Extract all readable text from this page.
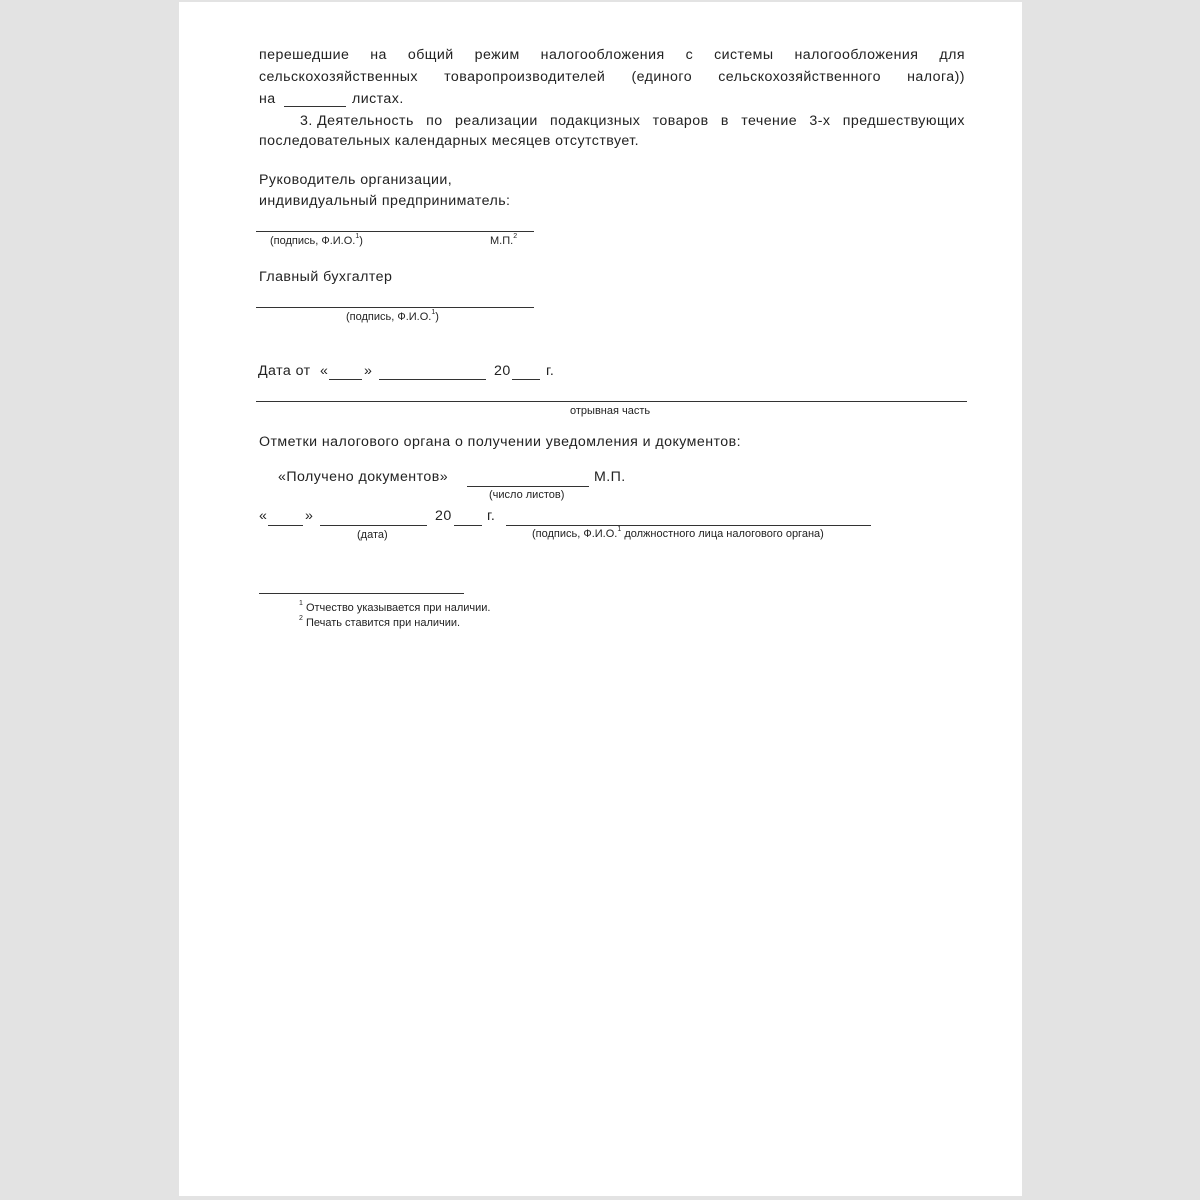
перешедшие на общий режим налогообложения с системы налогообложения для
сельскохозяйственных товаропроизводителей (единого сельскохозяйственного налога))
на	листах.
3. Деятельность по реализации подакцизных товаров в течение 3-х предшествующих
последовательных календарных месяцев отсутствует.
Руководитель организации,
индивидуальный предприниматель:
(подпись, Ф.И.О.$^1$)	М.П.$^2$
Главный бухгалтер
(подпись, Ф.И.О.$^1$)
Дата от «	»	20 г.
отрывная часть
Отметки налогового органа о получении уведомления и документов:
«Получено документов»	М.П.
(число листов)
«	»	20 г.
(дата)	(подпись, Ф.И.О.$^1$ должностного лица налогового органа)
$^1$ Отчество указывается при наличии.
$^2$ Печать ставится при наличии.
